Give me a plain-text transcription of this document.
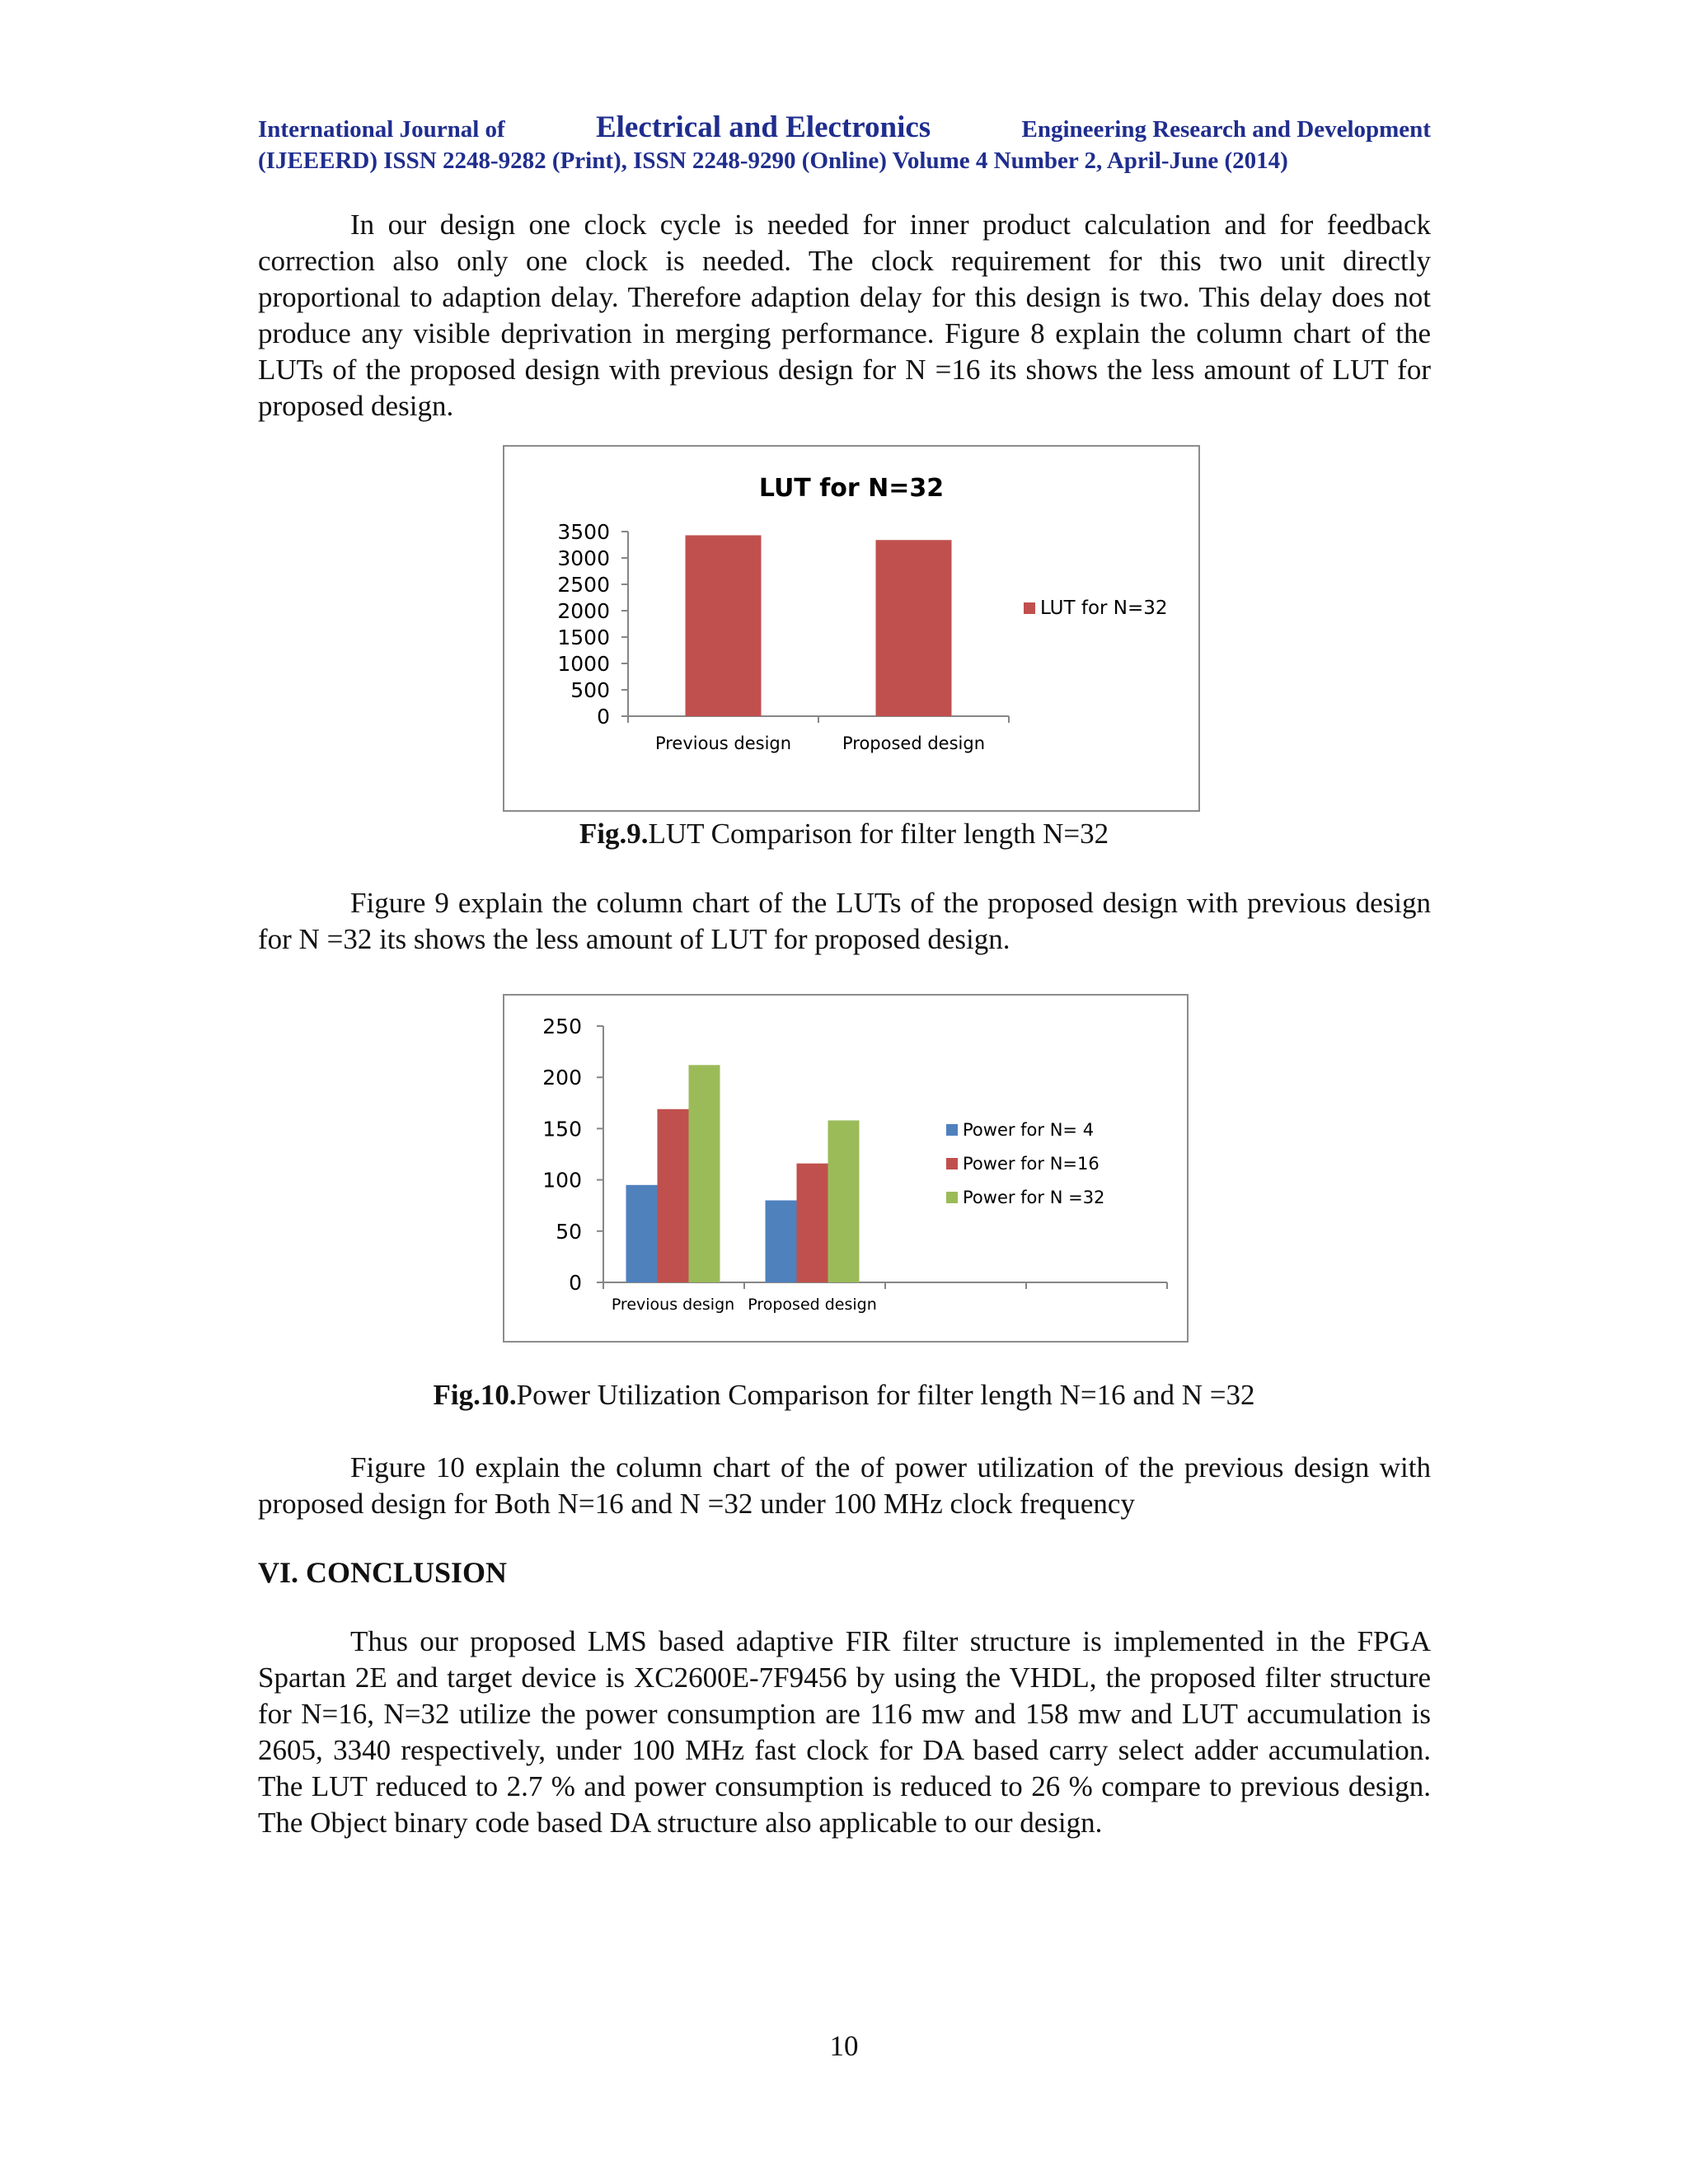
International Journal of	Electrical and Electronics	Engineering Research and Development
(IJEEERD) ISSN 2248-9282 (Print), ISSN 2248-9290 (Online) Volume 4 Number 2, April-June (2014)
In our design one clock cycle is needed for inner product calculation and for feedback correction also only one clock is needed. The clock requirement for this two unit directly proportional to adaption delay. Therefore adaption delay for this design is two. This delay does not produce any visible deprivation in merging performance. Figure 8 explain the column chart of the LUTs of the proposed design with previous design for N =16 its shows the less amount of LUT for proposed design.
LUT for N=32
0
500
1000
1500
2000
2500
3000
3500
Previous design	Proposed design
LUT for N=32
Fig.9.LUT Comparison for filter length N=32
Figure 9 explain the column chart of the LUTs of the proposed design with previous design for N =32 its shows the less amount of LUT for proposed design.
0
50
100
150
200
250
Previous design Proposed design
Power for N= 4
Power for N=16
Power for N =32
Fig.10.Power Utilization Comparison for filter length N=16 and N =32
Figure 10 explain the column chart of the of power utilization of the previous design with proposed design for Both N=16 and N =32 under 100 MHz clock frequency
VI. CONCLUSION
Thus our proposed LMS based adaptive FIR filter structure is implemented in the FPGA Spartan 2E and target device is XC2600E-7F9456 by using the VHDL, the proposed filter structure for N=16, N=32 utilize the power consumption are 116 mw and 158 mw and LUT accumulation is 2605, 3340 respectively, under 100 MHz fast clock for DA based carry select adder accumulation. The LUT reduced to 2.7 % and power consumption is reduced to 26 % compare to previous design. The Object binary code based DA structure also applicable to our design.
10
